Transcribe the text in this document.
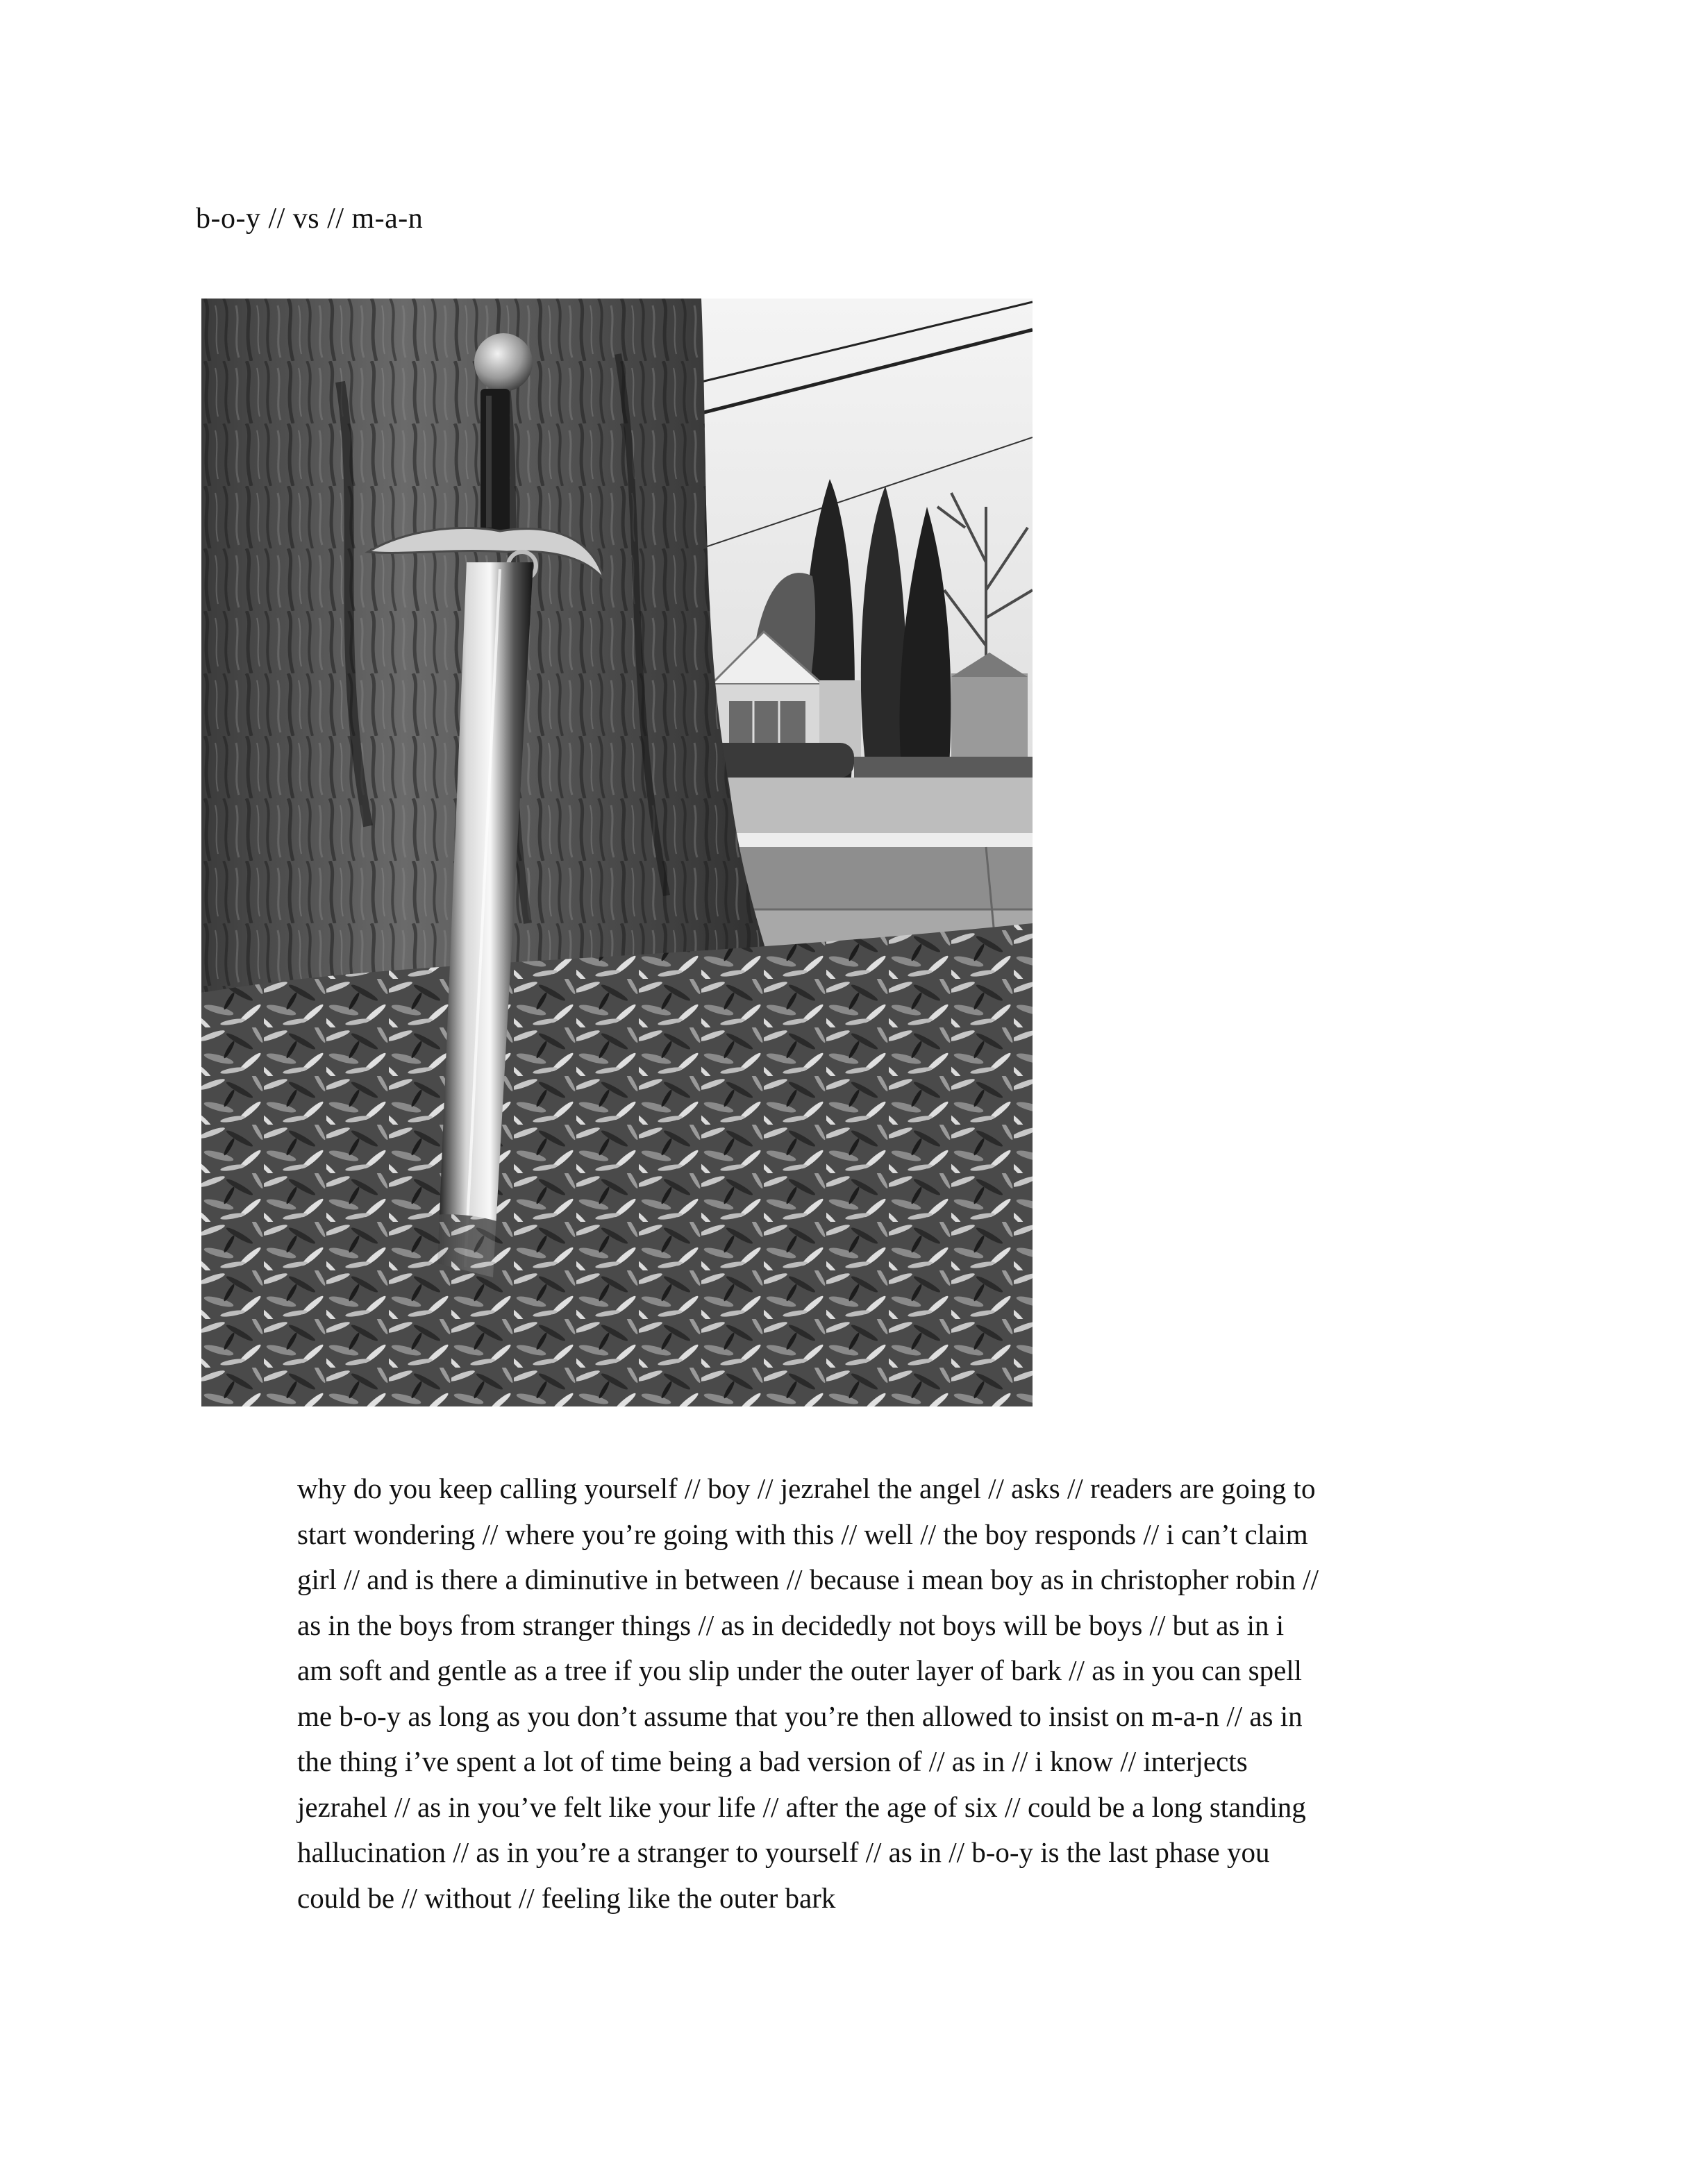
b-o-y // vs // m-a-n
why do you keep calling yourself // boy // jezrahel the angel // asks // readers are going to
start wondering // where you’re going with this // well // the boy responds // i can’t claim
girl // and is there a diminutive in between // because i mean boy as in christopher robin //
as in the boys from stranger things // as in decidedly not boys will be boys // but as in i
am soft and gentle as a tree if you slip under the outer layer of bark // as in you can spell
me b-o-y as long as you don’t assume that you’re then allowed to insist on m-a-n // as in
the thing i’ve spent a lot of time being a bad version of // as in // i know // interjects
jezrahel // as in you’ve felt like your life // after the age of six // could be a long standing
hallucination // as in you’re a stranger to yourself // as in // b-o-y is the last phase you
could be // without // feeling like the outer bark
